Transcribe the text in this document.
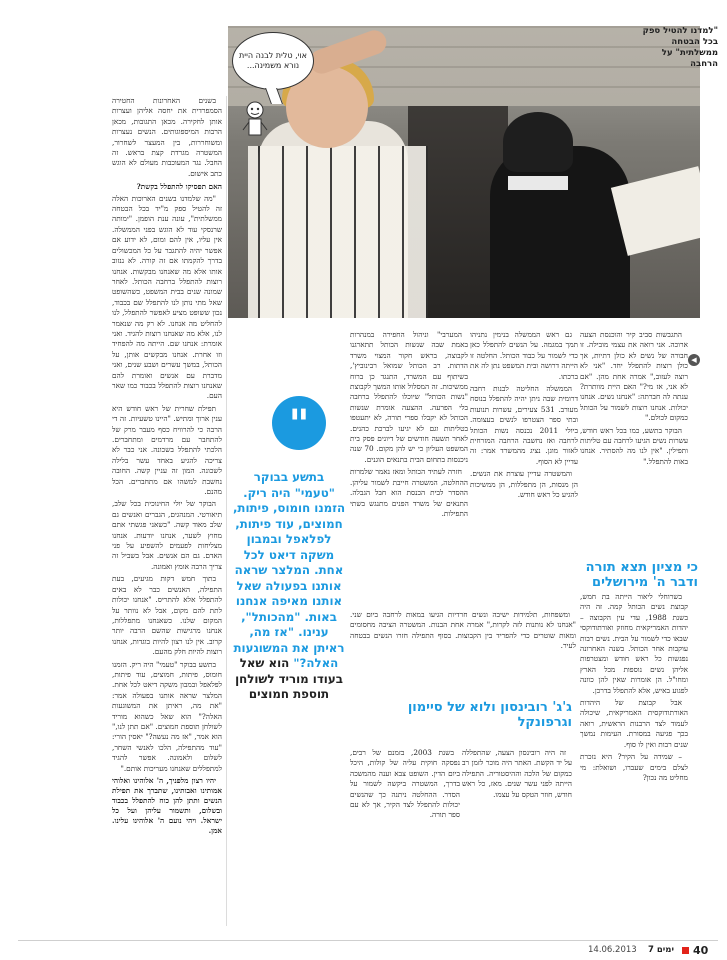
אוי, טלית לבנה היית נורא משמינה...
"למדנו להטיל ספק בכל הבטחה ממשלתית" על הרחבה

בשנים האחרונות החטירה הסמפרדית את יחסה אליהן ועצרות אותן לחקירה. מכאן התגובות, מכאן הרבות המיספוגותים. הנשים נעצרות ומשוחררות, בין המעצר לשחרור, המשטרה מגרדת קצת בראש. זה החבל. נגד המעוכבות מעולם לא הוגש כתב אישום.

האם תפסיקו להתפלל בקשת?

"מה שלמדנו בשנים הארוכות האלה זה להטיל ספק מ"יד בכל הבטחה ממשלתית", עונה ענת הופמן. "ימותה שרנסקי עוד לא הוגש בפני הממשלה. אין עליו, אין להם ומום, לא ידוע אם אפשר יהיה להתגבר על כל המכשולים בדרך להקמתו אם זה קורה. לא ננזוב אותו אלא מה שאנחנו מבקשות. אנחנו רוצות להתפלל ברחבה הכותל. לאחר שמונה שנים בבית המשפט, כשהשופט שאל מתי נותן לנו להתפלל שם בכבוד, נכון ששופט מציע לאפשר להתפלל, לנו להחליט מה אנחנו. לא רק מה שנאמר לנו, אלא מה שאנחנו רוצות להגיד. ואני אומרת: אנחנו שם. הייתה מה להפחיד וזו אחרת. אנחנו מבקשים אותן, על הכותל, במשך עשרים ושבע שנים, ואני מדברת עם אנשים ואומרת להם שאנחנו רוצות להתפלל בכבוד כמו שאר העם.

תפילת שחרית של ראש חודש היא ענין ארוך ומתיש. "היינו טשעיות. זה די הרבה כי להרוויח כסף מעבר מרק של להתחבר עם מרדמים ומתחברים. הלכתי להתפלל בשכונה. אני כבר לא צריכה להגיע באחד עשר בלילה לשכונה. המון זה עניין קשה. החובה נחשבת למשהו אם מתחברים. הכל מהנם.

הבוקר של יולי החינוכית בכל שלב, תיאורטי. המנהגים, הגברים ואנשים גם שלב מאוד קשה. "כשאני פגשתי אתם מחוץ לשער, אנחנו יודעות. אנחנו מצליחות לפעמים להשפיע על פני האדם. גם הם אנשים. אבל בשביל זה צריך הרבה אומץ ואמונה.

בתוך חמש דקות מגיעים, בעת התפילה, האנשים כבר לא באים להתפלל אלא להתריס. "אנחנו יכולות לתת להם מקום, אבל לא נוותר על המקום שלנו. כשאנחנו מתפללות, אנחנו מרגישות שהשם הרבה יותר קרוב. אין לנו רצון להיות בוגדות, אנחנו רוצות להיות חלק מהעם.

בתשע בבוקר "טעמי" היה ריק. הזמנו חומוס, פיתות, חמוצים, עוד פיתות, לפלאפל ובמבון משקה דיאט לכל אחת. המלצר שראה אותנו בפעולה אמר: "את מה, ראיתן את המשוגעות האלה?" הוא שאל כשהוא מוריד לשולחן תוספת חמוצים. "אם תתן לנו," הוא אמר, "אז מה נעשה?" יאסין הורי: "עוד מהתפילה, הלכו לאנשי השחר, לשלום ולאמונה. אפשר להגיד למתפללים שאנחנו מעריכות אותם."

יהיו רצון מלפניך, ה' אלוהינו ואלוהי אמותינו ואבותינו, שתברך את תפילת הנשים ותתן להן כוח להתפלל בכבוד ובשלום, ותשמור עליהן ועל כל ישראל. ויהי נועם ה' אלוהינו עלינו. אמן.

"
בתשע בבוקר "טעמי" היה ריק. הזמנו חומוס, פיתות, חמוצים, עוד פיתות, לפלאפל ובמבון משקה דיאט לכל אחת. המלצר שראה אותנו בפעולה שאל אותנו מאיפה אנחנו באות. "מהכותל", ענינו. "אז מה, ראיתן את המשוגעות האלה?" הוא שאל בעודו מוריד לשולחן תוספת חמוצים

המערבי" וניהול החפירה במנהרות באמת שבה שנשות הכותל תתארגנו לקבוצה, בראש חקור המצוי משרד הדתות. רב הכותל שמואל רבינוביץ', בשיתוף עם המשרד, התנגד כן ברוח ממשיכות. זה המסלול אותו המשך לקבוצת "נשות הכותל" שיוכלו להתפלל ברחבה בלי הפרעה. ההצעה אומרת שנשות הכותל לא יקבלו ספרי תורה, לא יתעטפו בטליתות וגם לא יגיעו לברכת כהנים. לאחר תשעה חודשים של דיונים פסק בית המשפט העליון כי יש להן מקום. 70 שנה ניכנסות בתחום הבית בתנאים הוגנים.

חזרה לעתיד הכותל ומאז נאמר שלמרות ההחלטה, המשטרה חייבת לשמור עליהן. ההסדר לבית הכנסת הוא חבל הגבלה. התנאים של משרד הפנים מתנגש בשתי התפילות.

גם ראש הממשלה בנימין נתניהו תמך במגמה. על הנשים להתפלל כאן כדי לשמור על כבוד הכותל. החלטה זו הייתה דרושה ובית המשפט נתן לה את ברכתו.

הממשלה החליטה לבנות רחבה דרומית שבה ניתן יהיה להתפלל בנוסח מעורב. 531 צעירים, עשרות תנועות ובתי ספר הצטרפו לנשים בעצומה. ביולי 2011 נכנסה נשות הכותל לרחבה ואז נחשבה הרחבה המזרחית לאזור מוגן. נציג מהמשרד אמר: זה עדיין לא הסוף.

והמשטרה עדיין עוצרת את הנשים. הן מנסות, הן מתפללות, הן ממשיכות להגיע כל ראש חודש.

התגבשות סביב קיר והוכנסת הצעה ארוכה. אני רואה את עצמי מובילה. זו חבורה של נשים לא כולן דתיות, אך כולן רוצות להתפלל יחד. "אני לא רוצה לעזוב," אמרה אחת מהן. "אם לא אני, אז מי?" האם היית מוותרת? ענתה לה חברתה: "אנחנו נשים. אנחנו יכולות. אנחנו רוצות לשמור על הכותל כמקום לכולם."

הבוקר בתשע, כמו בכל ראש חודש, עשרות נשים הגיעו לרחבה עם טליתות ותפילין. "אין לנו מה להסתיר. אנחנו באות להתפלל."

◀

ומשפחות, תלמידות ישיבה ונשים חרדיות הגיעו במאות לרחבה ביום שני. "אנחנו לא נותנות לזה לקרות," אמרה אחת הבנות. המשטרה הציבה מחסומים ומאות שוטרים כדי להפריד בין הקבוצות. בסוף התפילה חזרו הנשים בבטחה לעיר.

כי מציון תצא תורה ודבר ה' מירושלים

בשרוחלי ליאור הייתה בת חמש, קבוצת נשים הכותל קמה. זה היה בשנת 1988, עדי עין הקבוצה – יהדות האמריקאית מחוזק ואורתודוקסי שבאו כדי לשמור על הבית. נשים רבות עוקבות אחר הכותל. בשנה האחרונה נפגשות כל ראש חודש ומצטרפות אליהן נשים נוספות מכל הארץ ומחו"ל. הן אומרות שאין להן כוונה לפגוע באיש, אלא להתפלל בדרכן.

אבל קבוצת של היהדות האורתודוקסית האמריקאית, שיכולה לעמוד לצד הרבנות הראשית, רואה בכך פגיעה במסורת. העימות נמשך שנים רבות ואין לו סוף.

– שמידה על הקיר? היא נזכרת לצלם בימים שעברו, ושואלת: מי מחליט מה נכון?

ג'ג' רובינסון ולוא של סיימון וגרפונקל

בשנת 2003, בזמנם של רבים, נפסקה חוקית עליה של קולות, היכל ביום הדין. השופט צבא וענה מהמשכה בדרך, המשטרה ביקשה לשמור על הסדר. ההחלטה ניתנה כך שהנשים יכולות להתפלל לצד הקיר, אך לא עם ספר תורה.

זה היה רובינסון הצעה, שהתפללה על יד הקשת. האתר היה מוכר לזמן רב כמקום של הלכה וההיסטוריה. התפילה הייתה לפני עשר שנים. מאז, כל ראש חודש, חוזר הטקס על עצמו.

40
7 ימים
14.06.2013
